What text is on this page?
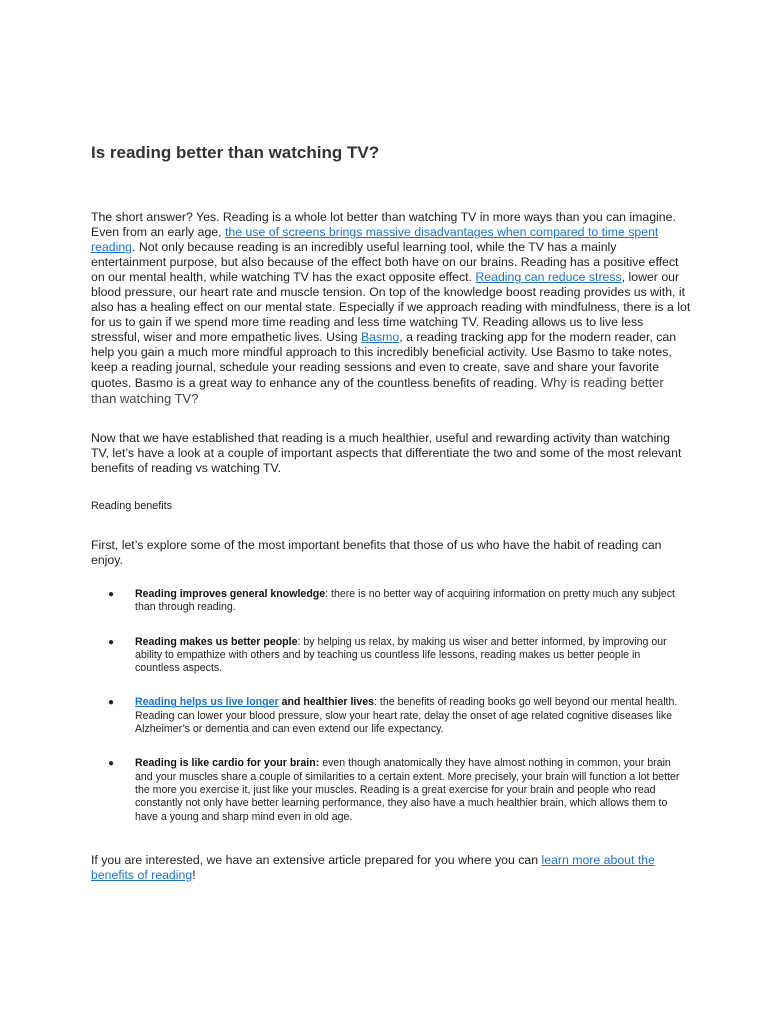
Is reading better than watching TV?

The short answer? Yes. Reading is a whole lot better than watching TV in more ways than you can imagine. Even from an early age, the use of screens brings massive disadvantages when compared to time spent reading. Not only because reading is an incredibly useful learning tool, while the TV has a mainly entertainment purpose, but also because of the effect both have on our brains. Reading has a positive effect on our mental health, while watching TV has the exact opposite effect. Reading can reduce stress, lower our blood pressure, our heart rate and muscle tension. On top of the knowledge boost reading provides us with, it also has a healing effect on our mental state. Especially if we approach reading with mindfulness, there is a lot for us to gain if we spend more time reading and less time watching TV. Reading allows us to live less stressful, wiser and more empathetic lives. Using Basmo, a reading tracking app for the modern reader, can help you gain a much more mindful approach to this incredibly beneficial activity. Use Basmo to take notes, keep a reading journal, schedule your reading sessions and even to create, save and share your favorite quotes. Basmo is a great way to enhance any of the countless benefits of reading. Why is reading better than watching TV?

Now that we have established that reading is a much healthier, useful and rewarding activity than watching TV, let’s have a look at a couple of important aspects that differentiate the two and some of the most relevant benefits of reading vs watching TV.

Reading benefits

First, let’s explore some of the most important benefits that those of us who have the habit of reading can enjoy.

● Reading improves general knowledge: there is no better way of acquiring information on pretty much any subject than through reading.
● Reading makes us better people: by helping us relax, by making us wiser and better informed, by improving our ability to empathize with others and by teaching us countless life lessons, reading makes us better people in countless aspects.
● Reading helps us live longer and healthier lives: the benefits of reading books go well beyond our mental health. Reading can lower your blood pressure, slow your heart rate, delay the onset of age related cognitive diseases like Alzheimer’s or dementia and can even extend our life expectancy.
● Reading is like cardio for your brain: even though anatomically they have almost nothing in common, your brain and your muscles share a couple of similarities to a certain extent. More precisely, your brain will function a lot better the more you exercise it, just like your muscles. Reading is a great exercise for your brain and people who read constantly not only have better learning performance, they also have a much healthier brain, which allows them to have a young and sharp mind even in old age.

If you are interested, we have an extensive article prepared for you where you can learn more about the benefits of reading!
